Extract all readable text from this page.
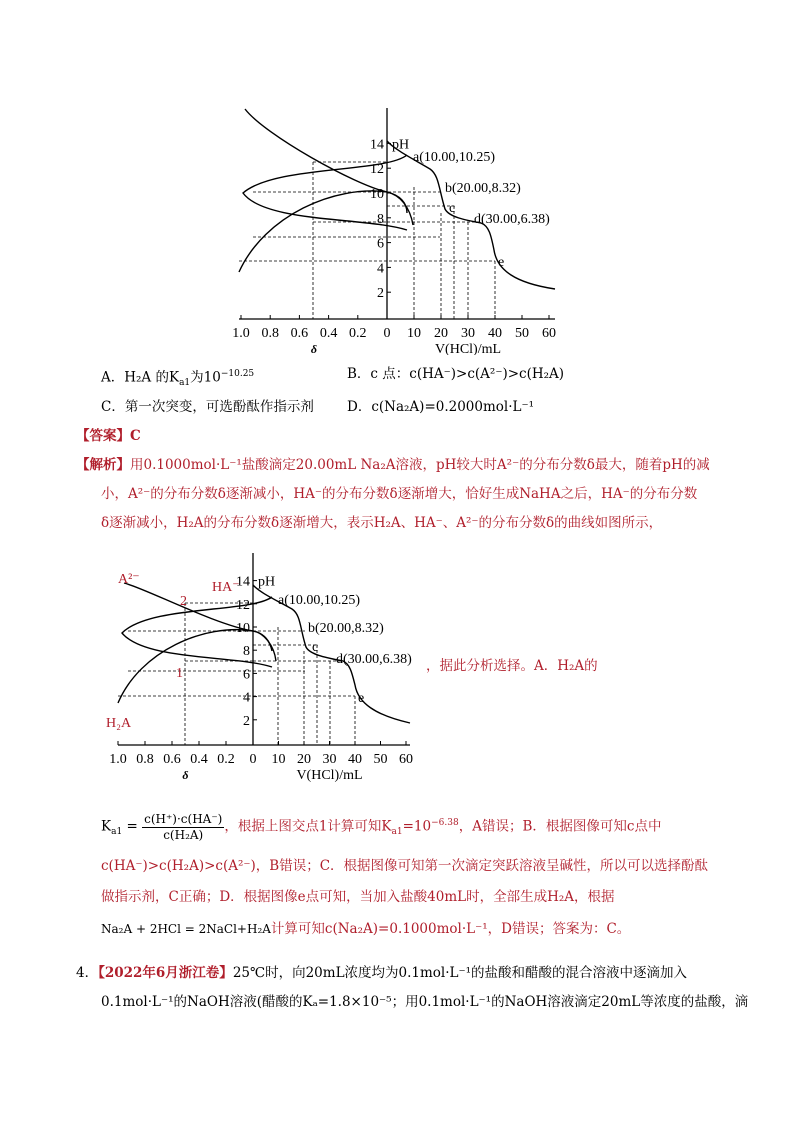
14
12
10
8
6
4
2
pH
1.0 0.8 0.6 0.4 0.2 0 10 20 30 40 50 60
δ	V(HCl)/mL
a(10.00,10.25)
b(20.00,8.32)
c
d(30.00,6.38)
e
A．H₂A 的$K_{a1}$为$10^{-10.25}$	B．c 点：c(HA⁻)>c(A²⁻)>c(H₂A)
C．第一次突变，可选酚酞作指示剂 D．c(Na₂A)=0.2000mol·L⁻¹
【答案】C
【解析】用0.1000mol·L⁻¹盐酸滴定20.00mL Na₂A溶液，pH较大时A²⁻的分布分数δ最大，随着pH的减
小，A²⁻的分布分数δ逐渐减小，HA⁻的分布分数δ逐渐增大，恰好生成NaHA之后，HA⁻的分布分数
δ逐渐减小，H₂A的分布分数δ逐渐增大，表示H₂A、HA⁻、A²⁻的分布分数δ的曲线如图所示，
14
12
10
8
6
4
2
pH
1.0 0.8 0.6 0.4 0.2 0 10 20 30 40 50 60
δ	V(HCl)/mL
a(10.00,10.25)
b(20.00,8.32)
c
d(30.00,6.38)
e
A²⁻
HA⁻
H₂A
2
1	，据此分析选择。A．H₂A的
$K_{a1} = \frac{c(H^+)\cdot c(HA^-)}{\text{c(H₂A)}}$ ，根据上图交点1计算可知$K_{a1}=10^{-6.38}$，A错误；B．根据图像可知c点中
c(HA⁻)>c(H₂A)>c(A²⁻)，B错误；C．根据图像可知第一次滴定突跃溶液呈碱性，所以可以选择酚酞
做指示剂，C正确；D．根据图像e点可知，当加入盐酸40mL时，全部生成H₂A，根据
Na₂A + 2HCl = 2NaCl+H₂A计算可知c(Na₂A)=0.1000mol·L⁻¹，D错误；答案为：C。
4．【2022年6月浙江卷】25℃时，向20mL浓度均为0.1mol·L⁻¹的盐酸和醋酸的混合溶液中逐滴加入
0.1mol·L⁻¹的NaOH溶液(醋酸的Kₐ=1.8×10⁻⁵；用0.1mol·L⁻¹的NaOH溶液滴定20mL等浓度的盐酸，滴
